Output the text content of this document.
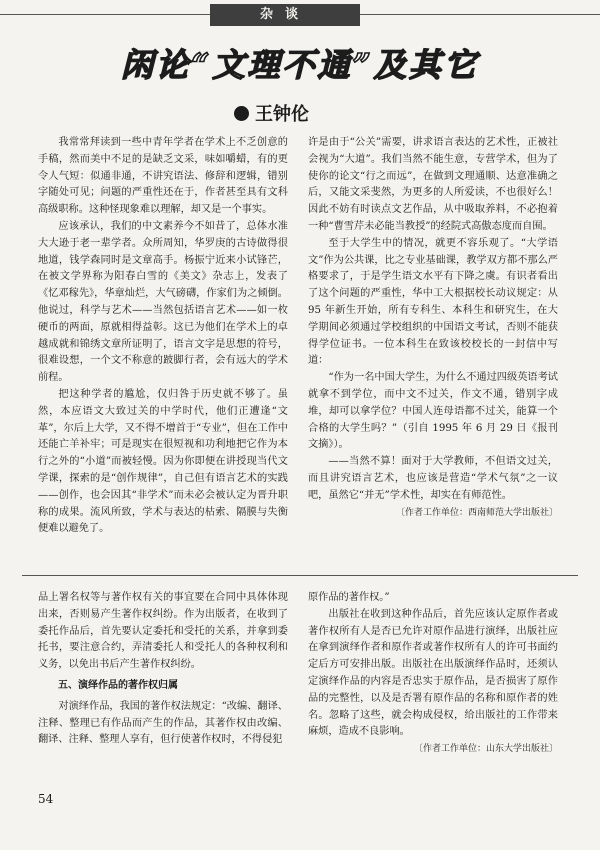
杂谈
闲论“文理不通”及其它
王钟伦

我常常拜读到一些中青年学者在学术上不乏创意的手稿，然而美中不足的是缺乏文采，味如嚼蜡，有的更令人气短：似通非通，不讲究语法、修辞和逻辑，错别字随处可见；问题的严重性还在于，作者甚至具有文科高级职称。这种怪现象难以理解，却又是一个事实。

应该承认，我们的中文素养今不如昔了，总体水准大大逊于老一辈学者。众所周知，华罗庚的古诗做得很地道，钱学森同时是文章高手。杨振宁近来小试锋芒，在被文学界称为阳春白雪的《美文》杂志上，发表了《忆邓稼先》，华章灿烂，大气磅礴，作家们为之倾倒。他说过，科学与艺术——当然包括语言艺术——如一枚硬币的两面，原就相得益彰。这已为他们在学术上的卓越成就和锦绣文章所证明了，语言文字是思想的符号，很难设想，一个文不称意的跛脚行者，会有远大的学术前程。

把这种学者的尴尬，仅归咎于历史就不够了。虽然，本应语文大致过关的中学时代，他们正遭逢“文革”，尔后上大学，又不得不增首于“专业”，但在工作中还能亡羊补牢；可是现实在很短视和功利地把它作为本行之外的“小道”而被轻慢。因为你即便在讲授现当代文学课，探索的是“创作规律”，自己但有语言艺术的实践——创作，也会因其“非学术”而未必会被认定为晋升职称的成果。流风所致，学术与表达的枯索、隔膜与失衡便难以避免了。

许是由于“公关”需要，讲求语言表达的艺术性，正被社会视为“大道”。我们当然不能生意，专营学术，但为了使你的论文“行之而远”，在做到文理通顺、达意准确之后，又能文采斐然，为更多的人所爱读，不也很好么！因此不妨有时读点文艺作品，从中吸取养料，不必抱着一种“曹雪芹未必能当教授”的经院式高傲态度而自囿。

至于大学生中的情况，就更不容乐观了。“大学语文”作为公共课，比之专业基础课，教学双方都不那么严格要求了，于是学生语文水平有下降之虞。有识者看出了这个问题的严重性，华中工大根据校长动议规定：从 95 年新生开始，所有专科生、本科生和研究生，在大学期间必须通过学校组织的中国语文考试，否则不能获得学位证书。一位本科生在致该校校长的一封信中写道：

“作为一名中国大学生，为什么不通过四级英语考试就拿不到学位，而中文不过关，作文不通，错别字成堆，却可以拿学位？中国人连母语都不过关，能算一个合格的大学生吗？”（引自 1995 年 6 月 29 日《报刊文摘》）。

——当然不算！面对于大学教师，不但语文过关，而且讲究语言艺术，也应该是营造“学术气氛”之一议吧，虽然它“并无”学术性，却实在有师范性。

〔作者工作单位：西南师范大学出版社〕

品上署名权等与著作权有关的事宜要在合同中具体体现出来，否则易产生著作权纠纷。作为出版者，在收到了委托作品后，首先要认定委托和受托的关系，并拿到委托书，要注意合约，弄清委托人和受托人的各种权利和义务，以免出书后产生著作权纠纷。

五、演绎作品的著作权归属

对演绎作品，我国的著作权法规定：“改编、翻译、注释、整理已有作品而产生的作品，其著作权由改编、翻译、注释、整理人享有，但行使著作权时，不得侵犯

原作品的著作权。”

出版社在收到这种作品后，首先应该认定原作者或著作权所有人是否已允许对原作品进行演绎，出版社应在拿到演绎作者和原作者或著作权所有人的许可书面约定后方可安排出版。出版社在出版演绎作品时，还须认定演绎作品的内容是否忠实于原作品，是否损害了原作品的完整性，以及是否署有原作品的名称和原作者的姓名。忽略了这些，就会构成侵权，给出版社的工作带来麻烦，造成不良影响。

〔作者工作单位：山东大学出版社〕

54
